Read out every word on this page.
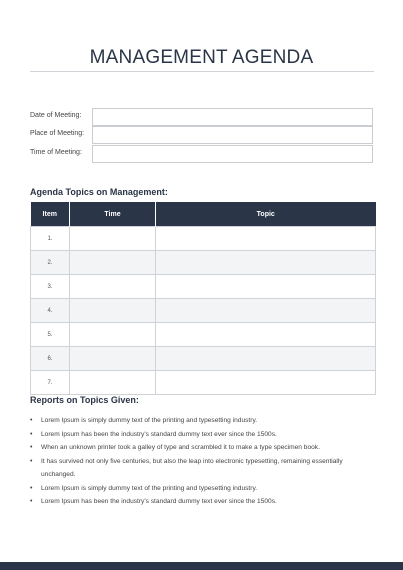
MANAGEMENT AGENDA
Date of Meeting:
Place of Meeting:
Time of Meeting:
Agenda Topics on Management:
Item	Time	Topic
1.		
2.		
3.		
4.		
5.		
6.		
7.		
Reports on Topics Given:
• Lorem Ipsum is simply dummy text of the printing and typesetting industry.
• Lorem Ipsum has been the industry's standard dummy text ever since the 1500s.
• When an unknown printer took a galley of type and scrambled it to make a type specimen book.
• It has survived not only five centuries, but also the leap into electronic typesetting, remaining essentially unchanged.
• Lorem Ipsum is simply dummy text of the printing and typesetting industry.
• Lorem Ipsum has been the industry's standard dummy text ever since the 1500s.
